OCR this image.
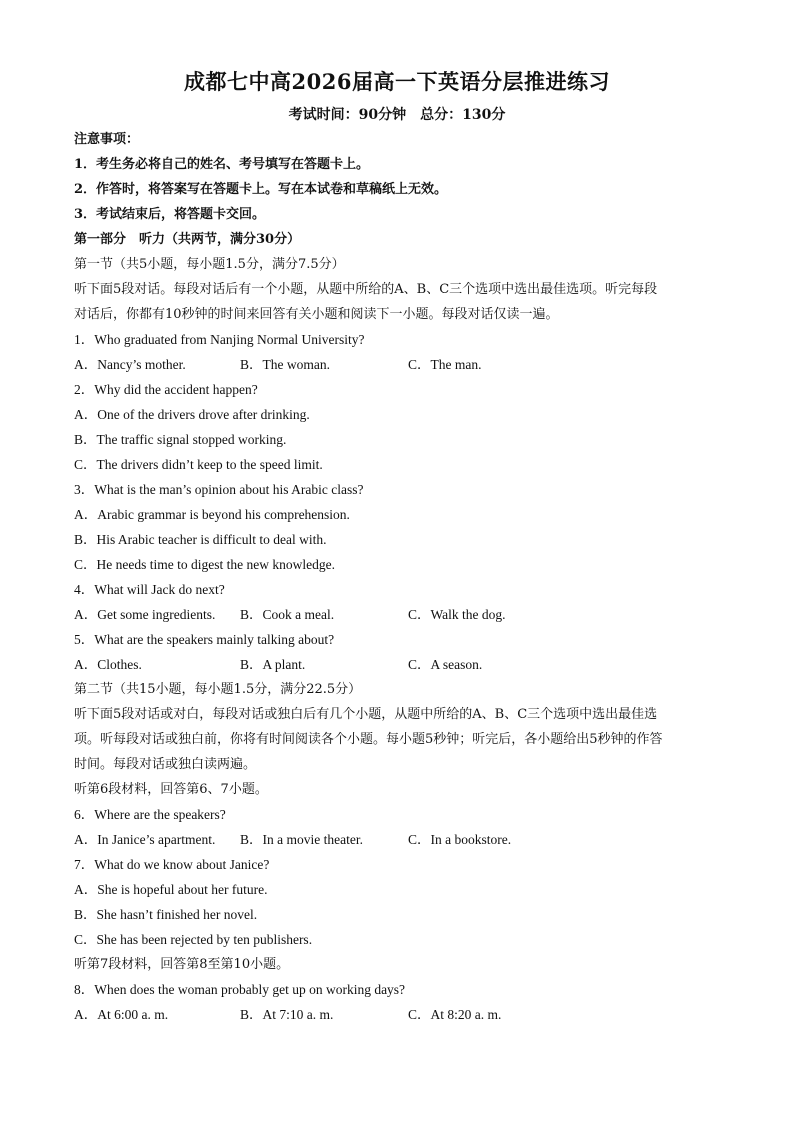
成都七中高2026届高一下英语分层推进练习
考试时间：90分钟　总分：130分
注意事项：
1．考生务必将自己的姓名、考号填写在答题卡上。
2．作答时，将答案写在答题卡上。写在本试卷和草稿纸上无效。
3．考试结束后，将答题卡交回。
第一部分　听力（共两节，满分30分）
第一节（共5小题，每小题1.5分，满分7.5分）
听下面5段对话。每段对话后有一个小题，从题中所给的A、B、C三个选项中选出最佳选项。听完每段
对话后，你都有10秒钟的时间来回答有关小题和阅读下一小题。每段对话仅读一遍。
1．Who graduated from Nanjing Normal University?
A．Nancy’s mother.	B．The woman.	C．The man.
2．Why did the accident happen?
A．One of the drivers drove after drinking.
B．The traffic signal stopped working.
C．The drivers didn’t keep to the speed limit.
3．What is the man’s opinion about his Arabic class?
A．Arabic grammar is beyond his comprehension.
B．His Arabic teacher is difficult to deal with.
C．He needs time to digest the new knowledge.
4．What will Jack do next?
A．Get some ingredients. B．Cook a meal.	C．Walk the dog.
5．What are the speakers mainly talking about?
A．Clothes.	B．A plant.	C．A season.
第二节（共15小题，每小题1.5分，满分22.5分）
听下面5段对话或对白，每段对话或独白后有几个小题，从题中所给的A、B、C三个选项中选出最佳选
项。听每段对话或独白前，你将有时间阅读各个小题。每小题5秒钟；听完后，各小题给出5秒钟的作答
时间。每段对话或独白读两遍。
听第6段材料，回答第6、7小题。
6．Where are the speakers?
A．In Janice’s apartment. B．In a movie theater.	C．In a bookstore.
7．What do we know about Janice?
A．She is hopeful about her future.
B．She hasn’t finished her novel.
C．She has been rejected by ten publishers.
听第7段材料，回答第8至第10小题。
8．When does the woman probably get up on working days?
A．At 6:00 a. m.	B．At 7:10 a. m.	C．At 8:20 a. m.
